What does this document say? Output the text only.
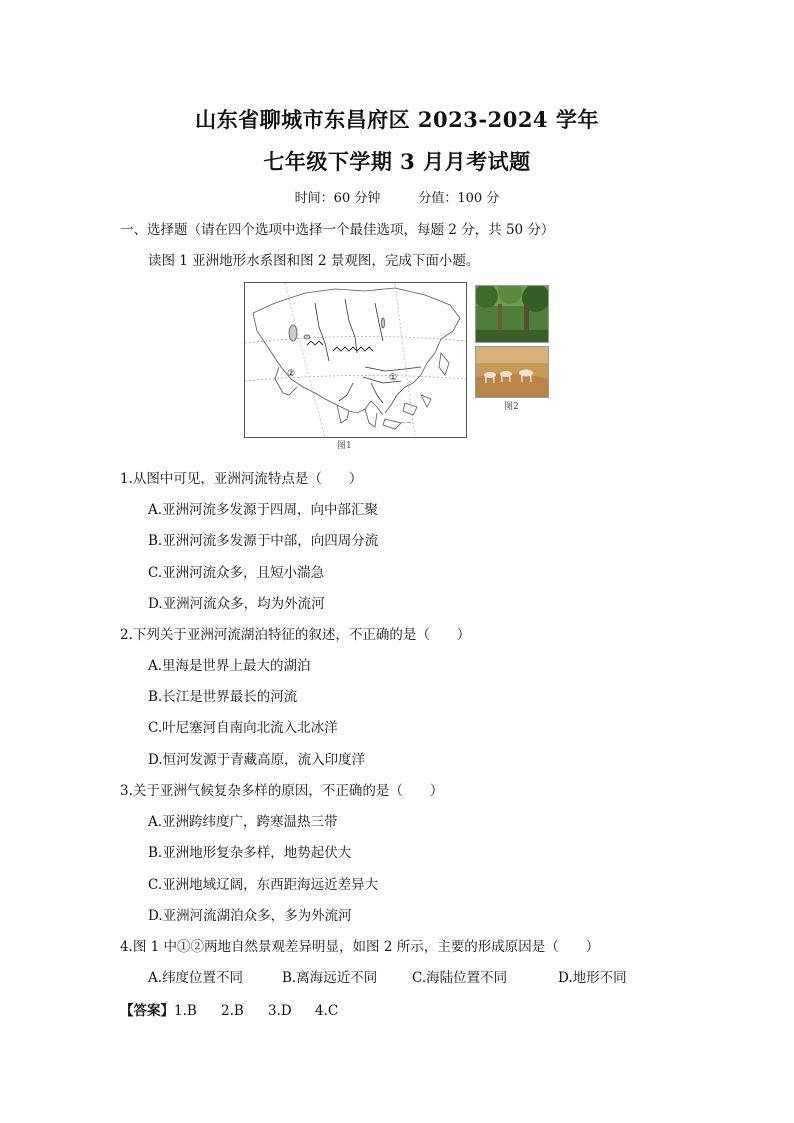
山东省聊城市东昌府区 2023-2024 学年
七年级下学期 3 月月考试题
时间：60 分钟	分值：100 分
一、选择题（请在四个选项中选择一个最佳选项，每题 2 分，共 50 分）
读图 1 亚洲地形水系图和图 2 景观图，完成下面小题。
~~
②	①
图1
图2
1.从图中可见，亚洲河流特点是（　　）
A.亚洲河流多发源于四周，向中部汇聚
B.亚洲河流多发源于中部，向四周分流
C.亚洲河流众多，且短小湍急
D.亚洲河流众多，均为外流河
2.下列关于亚洲河流湖泊特征的叙述，不正确的是（　　）
A.里海是世界上最大的湖泊
B.长江是世界最长的河流
C.叶尼塞河自南向北流入北冰洋
D.恒河发源于青藏高原，流入印度洋
3.关于亚洲气候复杂多样的原因，不正确的是（　　）
A.亚洲跨纬度广，跨寒温热三带
B.亚洲地形复杂多样，地势起伏大
C.亚洲地域辽阔，东西距海远近差异大
D.亚洲河流湖泊众多，多为外流河
4.图 1 中①②两地自然景观差异明显，如图 2 所示，主要的形成原因是（　　）
A.纬度位置不同	B.离海远近不同	C.海陆位置不同	D.地形不同
【答案】1.B 2.B 3.D 4.C
